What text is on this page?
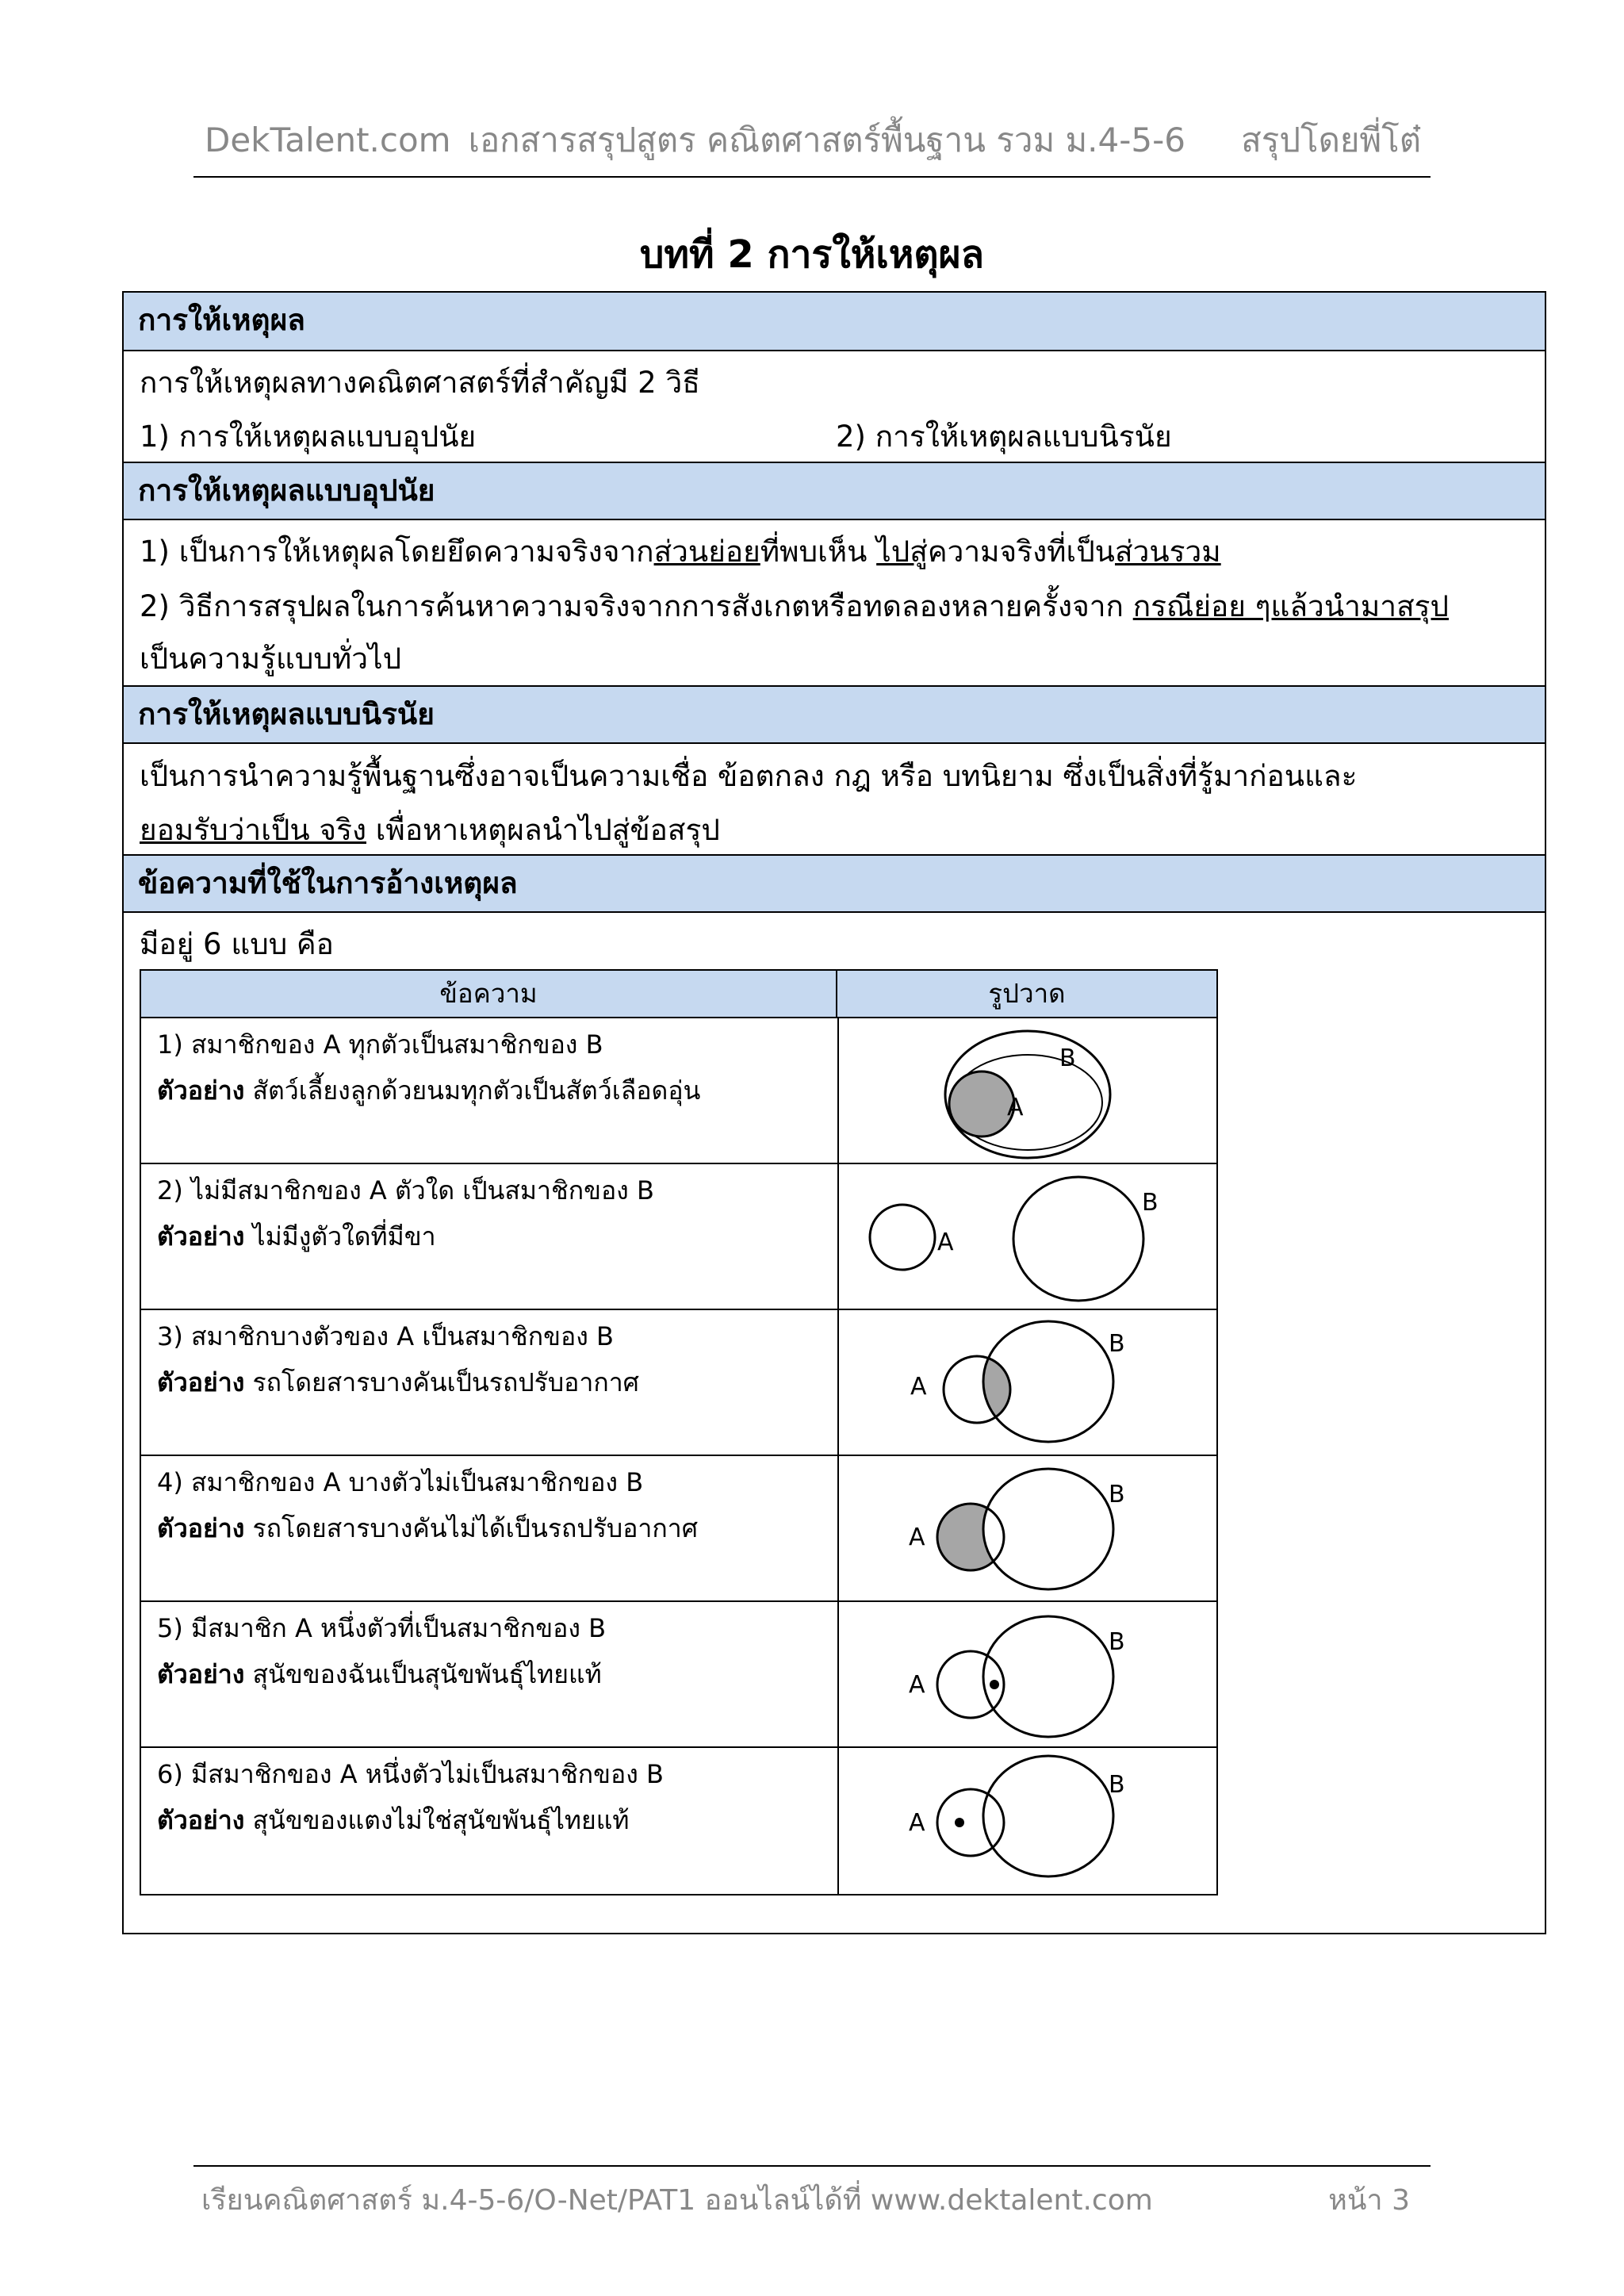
DekTalent.com เอกสารสรุปสูตร คณิตศาสตร์พื้นฐาน รวม ม.4-5-6 สรุปโดยพี่โต๋
บทที่ 2 การให้เหตุผล
การให้เหตุผล
การให้เหตุผลทางคณิตศาสตร์ที่สำคัญมี 2 วิธี
1) การให้เหตุผลแบบอุปนัย	2) การให้เหตุผลแบบนิรนัย
การให้เหตุผลแบบอุปนัย
1) เป็นการให้เหตุผลโดยยึดความจริงจากส่วนย่อยที่พบเห็น ไปสู่ความจริงที่เป็นส่วนรวม
2) วิธีการสรุปผลในการค้นหาความจริงจากการสังเกตหรือทดลองหลายครั้งจาก กรณีย่อย ๆแล้วนำมาสรุป
เป็นความรู้แบบทั่วไป
การให้เหตุผลแบบนิรนัย
เป็นการนำความรู้พื้นฐานซึ่งอาจเป็นความเชื่อ ข้อตกลง กฎ หรือ บทนิยาม ซึ่งเป็นสิ่งที่รู้มาก่อนและ
ยอมรับว่าเป็น จริง เพื่อหาเหตุผลนำไปสู่ข้อสรุป
ข้อความที่ใช้ในการอ้างเหตุผล
มีอยู่ 6 แบบ คือ
ข้อความ	รูปวาด
1) สมาชิกของ A ทุกตัวเป็นสมาชิกของ B
ตัวอย่าง สัตว์เลี้ยงลูกด้วยนมทุกตัวเป็นสัตว์เลือดอุ่น
B
A
2) ไม่มีสมาชิกของ A ตัวใด เป็นสมาชิกของ B
ตัวอย่าง ไม่มีงูตัวใดที่มีขา	A
B
3) สมาชิกบางตัวของ A เป็นสมาชิกของ B
ตัวอย่าง รถโดยสารบางคันเป็นรถปรับอากาศ	A
B
4) สมาชิกของ A บางตัวไม่เป็นสมาชิกของ B
ตัวอย่าง รถโดยสารบางคันไม่ได้เป็นรถปรับอากาศ	A
B
5) มีสมาชิก A หนึ่งตัวที่เป็นสมาชิกของ B
ตัวอย่าง สุนัขของฉันเป็นสุนัขพันธุ์ไทยแท้	A
B
6) มีสมาชิกของ A หนึ่งตัวไม่เป็นสมาชิกของ B
ตัวอย่าง สุนัขของแตงไม่ใช่สุนัขพันธุ์ไทยแท้	A
B
เรียนคณิตศาสตร์ ม.4-5-6/O-Net/PAT1 ออนไลน์ได้ที่ www.dektalent.com	หน้า 3
